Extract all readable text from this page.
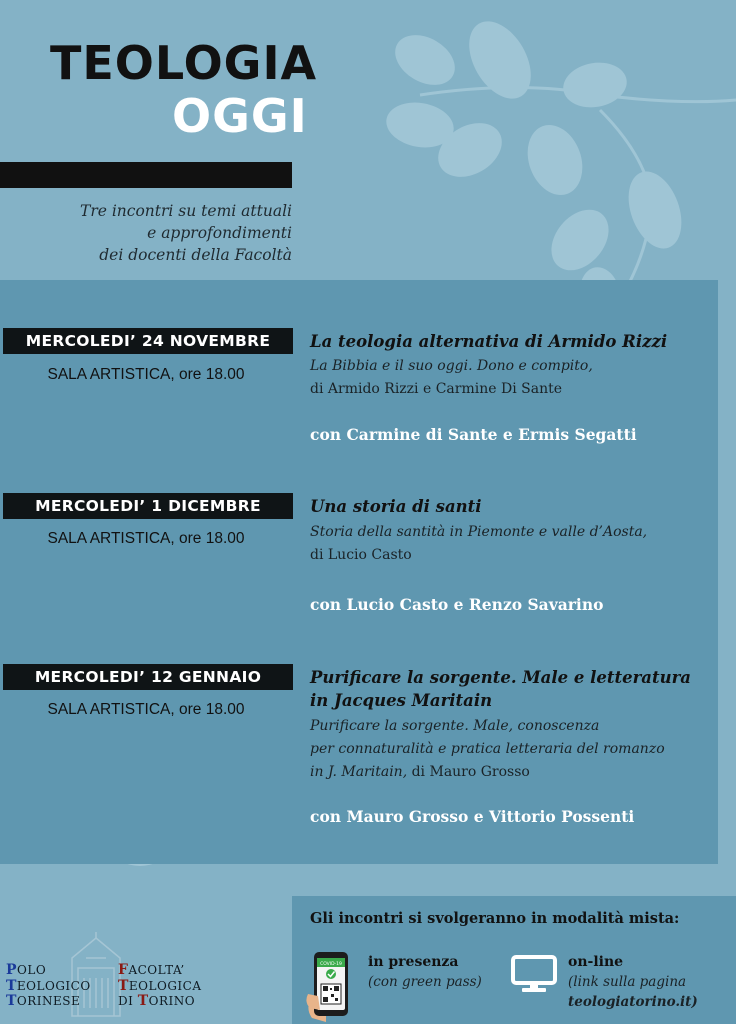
TEOLOGIA
OGGI
Tre incontri su temi attuali
e approfondimenti
dei docenti della Facoltà
MERCOLEDI’ 24 NOVEMBRE
SALA ARTISTICA, ore 18.00
La teologia alternativa di Armido Rizzi
La Bibbia e il suo oggi. Dono e compito,
di Armido Rizzi e Carmine Di Sante
con Carmine di Sante e Ermis Segatti
MERCOLEDI’ 1 DICEMBRE
SALA ARTISTICA, ore 18.00
Una storia di santi
Storia della santità in Piemonte e valle d’Aosta,
di Lucio Casto
con Lucio Casto e Renzo Savarino
MERCOLEDI’ 12 GENNAIO
SALA ARTISTICA, ore 18.00
Purificare la sorgente. Male e letteratura
in Jacques Maritain
Purificare la sorgente. Male, conoscenza
per connaturalità e pratica letteraria del romanzo
in J. Maritain, di Mauro Grosso
con Mauro Grosso e Vittorio Possenti
POLO
TEOLOGICO
TORINESE
FACOLTA’
TEOLOGICA
DI TORINO
Gli incontri si svolgeranno in modalità mista:
COVID-19 in presenza
(con green pass)
on-line
(link sulla pagina
teologiatorino.it)
